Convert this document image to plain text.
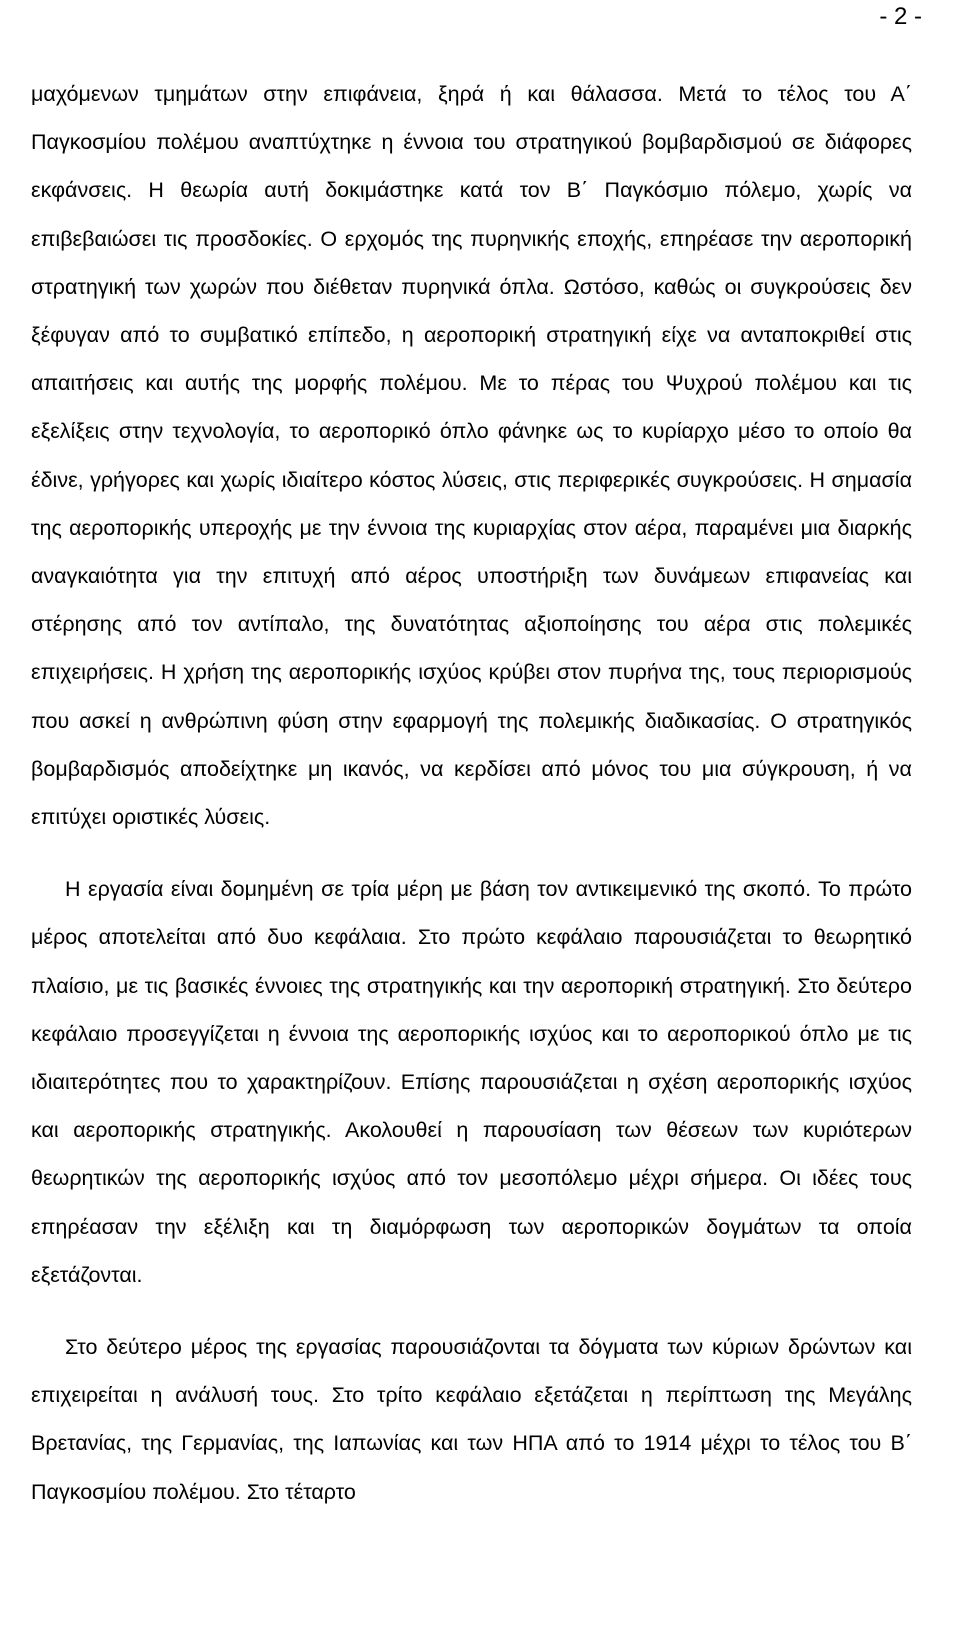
- 2 -

μαχόμενων τμημάτων στην επιφάνεια, ξηρά ή και θάλασσα. Μετά το τέλος του Α΄ Παγκοσμίου πολέμου αναπτύχτηκε η έννοια του στρατηγικού βομβαρδισμού σε διάφορες εκφάνσεις. Η θεωρία αυτή δοκιμάστηκε κατά τον Β΄ Παγκόσμιο πόλεμο, χωρίς να επιβεβαιώσει τις προσδοκίες. Ο ερχομός της πυρηνικής εποχής, επηρέασε την αεροπορική στρατηγική των χωρών που διέθεταν πυρηνικά όπλα. Ωστόσο, καθώς οι συγκρούσεις δεν ξέφυγαν από το συμβατικό επίπεδο, η αεροπορική στρατηγική είχε να ανταποκριθεί στις απαιτήσεις και αυτής της μορφής πολέμου. Με το πέρας του Ψυχρού πολέμου και τις εξελίξεις στην τεχνολογία, το αεροπορικό όπλο φάνηκε ως το κυρίαρχο μέσο το οποίο θα έδινε, γρήγορες και χωρίς ιδιαίτερο κόστος λύσεις, στις περιφερικές συγκρούσεις. Η σημασία της αεροπορικής υπεροχής με την έννοια της κυριαρχίας στον αέρα, παραμένει μια διαρκής αναγκαιότητα για την επιτυχή από αέρος υποστήριξη των δυνάμεων επιφανείας και στέρησης από τον αντίπαλο, της δυνατότητας αξιοποίησης του αέρα στις πολεμικές επιχειρήσεις. Η χρήση της αεροπορικής ισχύος κρύβει στον πυρήνα της, τους περιορισμούς που ασκεί η ανθρώπινη φύση στην εφαρμογή της πολεμικής διαδικασίας. Ο στρατηγικός βομβαρδισμός αποδείχτηκε μη ικανός, να κερδίσει από μόνος του μια σύγκρουση, ή να επιτύχει οριστικές λύσεις.

Η εργασία είναι δομημένη σε τρία μέρη με βάση τον αντικειμενικό της σκοπό. Το πρώτο μέρος αποτελείται από δυο κεφάλαια. Στο πρώτο κεφάλαιο παρουσιάζεται το θεωρητικό πλαίσιο, με τις βασικές έννοιες της στρατηγικής και την αεροπορική στρατηγική. Στο δεύτερο κεφάλαιο προσεγγίζεται η έννοια της αεροπορικής ισχύος και το αεροπορικού όπλο με τις ιδιαιτερότητες που το χαρακτηρίζουν. Επίσης παρουσιάζεται η σχέση αεροπορικής ισχύος και αεροπορικής στρατηγικής. Ακολουθεί η παρουσίαση των θέσεων των κυριότερων θεωρητικών της αεροπορικής ισχύος από τον μεσοπόλεμο μέχρι σήμερα. Οι ιδέες τους επηρέασαν την εξέλιξη και τη διαμόρφωση των αεροπορικών δογμάτων τα οποία εξετάζονται.

Στο δεύτερο μέρος της εργασίας παρουσιάζονται τα δόγματα των κύριων δρώντων και επιχειρείται η ανάλυσή τους. Στο τρίτο κεφάλαιο εξετάζεται η περίπτωση της Μεγάλης Βρετανίας, της Γερμανίας, της Ιαπωνίας και των ΗΠΑ από το 1914 μέχρι το τέλος του Β΄ Παγκοσμίου πολέμου. Στο τέταρτο
